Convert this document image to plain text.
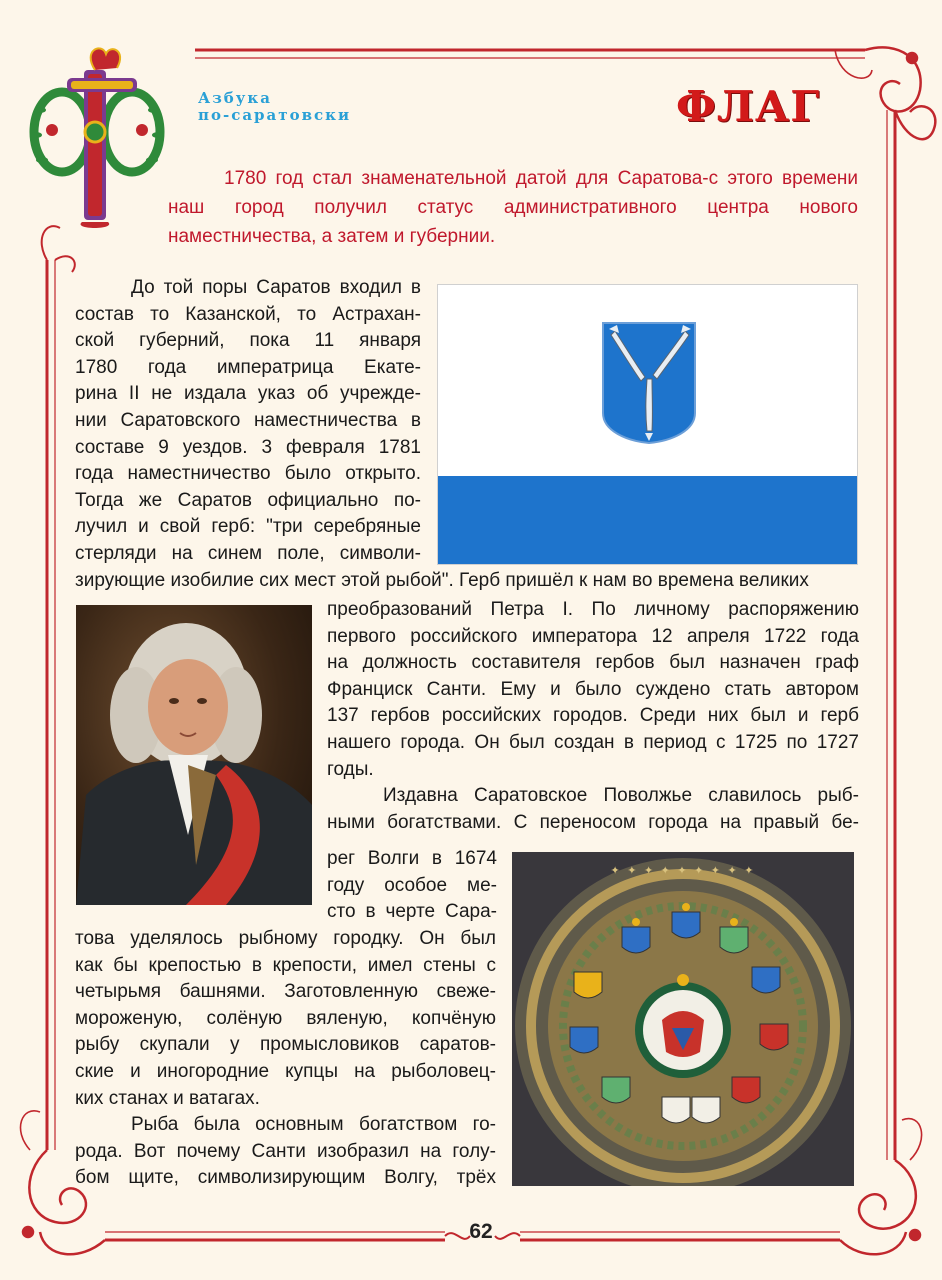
Азбука
по-саратовски	ФЛАГ

1780 год стал знаменательной датой для Саратова-с этого времени наш город получил статус административного центра нового наместничества, а затем и губернии.

До той поры Саратов входил в
состав то Казанской, то Астрахан-
ской губерний, пока 11 января
1780 года императрица Екате-
рина II не издала указ об учрежде-
нии Саратовского наместничества в
составе 9 уездов. 3 февраля 1781
года наместничество было открыто.
Тогда же Саратов официально по-
лучил и свой герб: "три серебряные
стерляди на синем поле, символи-
зирующие изобилие сих мест этой рыбой". Герб пришёл к нам во времена великих
преобразований Петра I. По личному распоряжению
первого российского императора 12 апреля 1722 года
на должность составителя гербов был назначен граф
Франциск Санти. Ему и было суждено стать автором
137 гербов российских городов. Среди них был и герб
нашего города. Он был создан в период с 1725 по 1727
годы.
Издавна Саратовское Поволжье славилось рыб-
ными богатствами. С переносом города на правый бе-
рег Волги в 1674
году особое ме-
сто в черте Сара-
това уделялось рыбному городку. Он был
как бы крепостью в крепости, имел стены с
четырьмя башнями. Заготовленную свеже-
мороженую, солёную вяленую, копчёную
рыбу скупали у промысловиков саратов-
ские и иногородние купцы на рыболовец-
ких станах и ватагах.
Рыба была основным богатством го-
рода. Вот почему Санти изобразил на голу-
бом щите, символизирующим Волгу, трёх
✦ ✦ ✦ ✦ ✦ ✦ ✦ ✦ ✦
62
